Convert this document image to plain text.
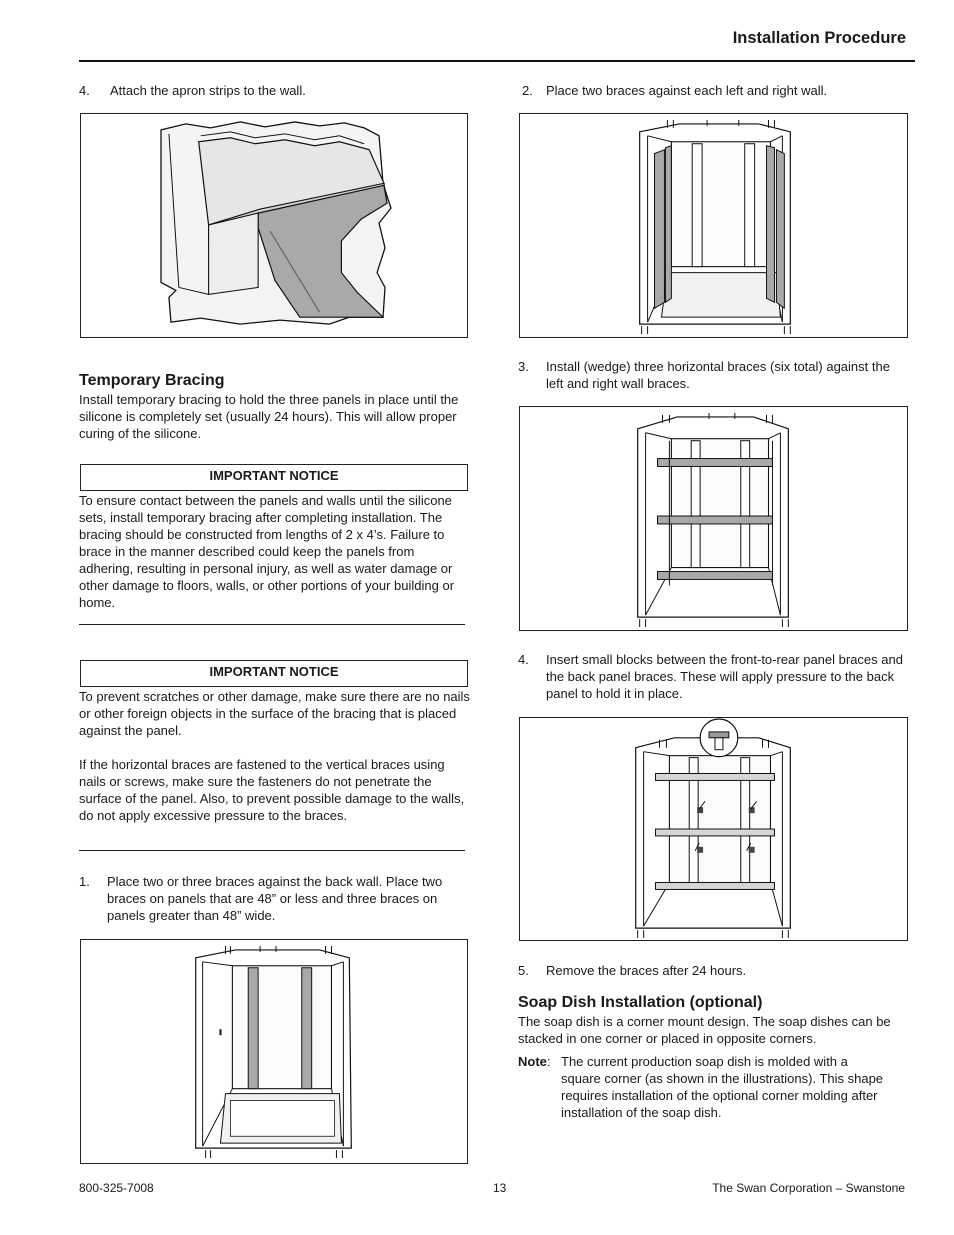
Installation Procedure
4.	Attach the apron strips to the wall.
Temporary Bracing
Install temporary bracing to hold the three panels in place until the silicone is completely set (usually 24 hours). This will allow proper curing of the silicone.
IMPORTANT NOTICE
To ensure contact between the panels and walls until the silicone sets, install temporary bracing after completing installation. The bracing should be constructed from lengths of 2 x 4’s. Failure to brace in the manner described could keep the panels from adhering, resulting in personal injury, as well as water damage or other damage to floors, walls, or other portions of your building or home.
IMPORTANT NOTICE
To prevent scratches or other damage, make sure there are no nails or other foreign objects in the surface of the bracing that is placed against the panel.
If the horizontal braces are fastened to the vertical braces using nails or screws, make sure the fasteners do not penetrate the surface of the panel. Also, to prevent possible damage to the walls, do not apply excessive pressure to the braces.
1.	Place two or three braces against the back wall. Place two braces on panels that are 48” or less and three braces on panels greater than 48” wide.
2.	Place two braces against each left and right wall.
3.	Install (wedge) three horizontal braces (six total) against the left and right wall braces.
4.	Insert small blocks between the front-to-rear panel braces and the back panel braces. These will apply pressure to the back panel to hold it in place.
5.	Remove the braces after 24 hours.
Soap Dish Installation (optional)
The soap dish is a corner mount design. The soap dishes can be stacked in one corner or placed in opposite corners.
Note: The current production soap dish is molded with a square corner (as shown in the illustrations). This shape requires installation of the optional corner molding after installation of the soap dish.
800-325-7008	13	The Swan Corporation – Swanstone
